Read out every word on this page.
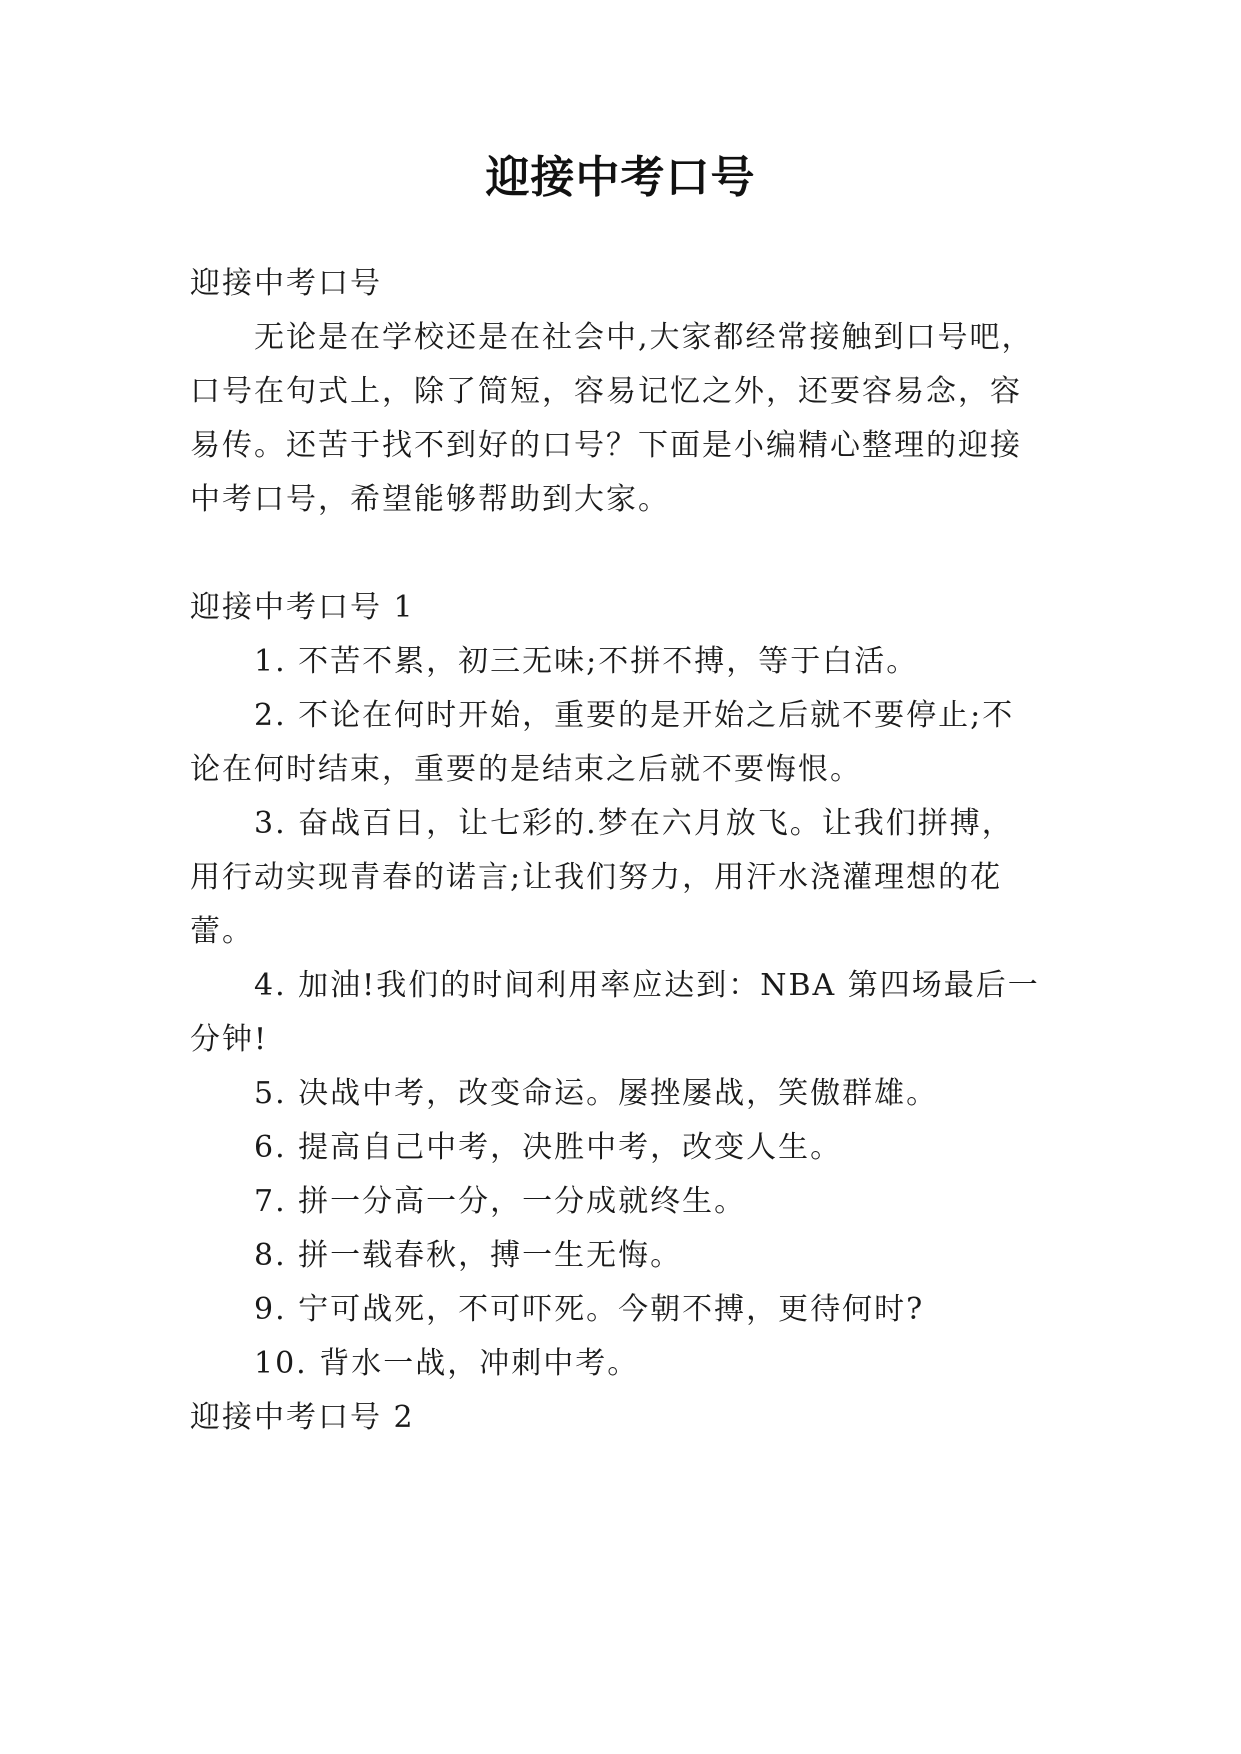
迎接中考口号
迎接中考口号
无论是在学校还是在社会中,大家都经常接触到口号吧，
口号在句式上，除了简短，容易记忆之外，还要容易念，容
易传。还苦于找不到好的口号？下面是小编精心整理的迎接
中考口号，希望能够帮助到大家。
迎接中考口号 1
1. 不苦不累，初三无味;不拼不搏，等于白活。
2. 不论在何时开始，重要的是开始之后就不要停止;不
论在何时结束，重要的是结束之后就不要悔恨。
3. 奋战百日，让七彩的.梦在六月放飞。让我们拼搏，
用行动实现青春的诺言;让我们努力，用汗水浇灌理想的花
蕾。
4. 加油!我们的时间利用率应达到：NBA 第四场最后一
分钟!
5. 决战中考，改变命运。屡挫屡战，笑傲群雄。
6. 提高自己中考，决胜中考，改变人生。
7. 拼一分高一分，一分成就终生。
8. 拼一载春秋，搏一生无悔。
9. 宁可战死，不可吓死。今朝不搏，更待何时?
10. 背水一战，冲刺中考。
迎接中考口号 2
